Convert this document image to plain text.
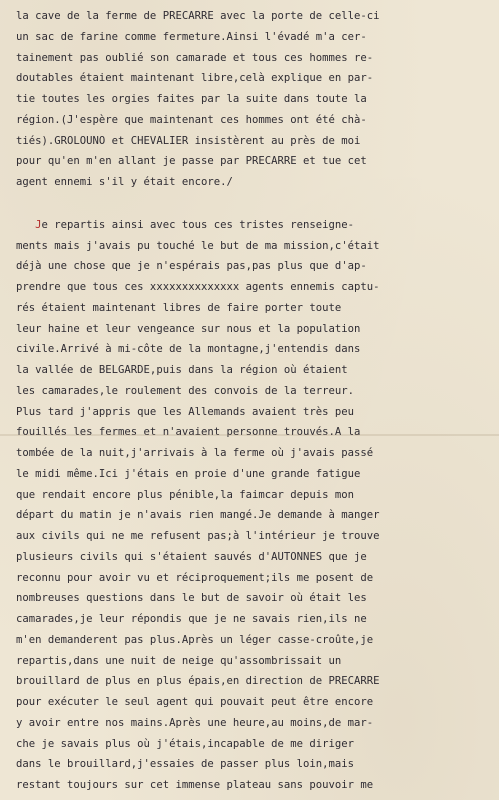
la cave de la ferme de PRECARRE avec la porte de celle-ci
un sac de farine comme fermeture.Ainsi l'évadé m'a cer-
tainement pas oublié son camarade et tous ces hommes re-
doutables étaient maintenant libre,celà explique en par-
tie toutes les orgies faites par la suite dans toute la
région.(J'espère que maintenant ces hommes ont été chà-
tiés).GROLOUNO et CHEVALIER insistèrent au près de moi
pour qu'en m'en allant je passe par PRECARRE et tue cet
agent ennemi s'il y était encore./
Je repartis ainsi avec tous ces tristes renseigne-
ments mais j'avais pu touché le but de ma mission,c'était
déjà une chose que je n'espérais pas,pas plus que d'ap-
prendre que tous ces xxxxxxxxxxxxxx agents ennemis captu-
rés étaient maintenant libres de faire porter toute
leur haine et leur vengeance sur nous et la population
civile.Arrivé à mi-côte de la montagne,j'entendis dans
la vallée de BELGARDE,puis dans la région où étaient
les camarades,le roulement des convois de la terreur.
Plus tard j'appris que les Allemands avaient très peu
fouillés les fermes et n'avaient personne trouvés.A la
tombée de la nuit,j'arrivais à la ferme où j'avais passé
le midi même.Ici j'étais en proie d'une grande fatigue
que rendait encore plus pénible,la faimcar depuis mon
départ du matin je n'avais rien mangé.Je demande à manger
aux civils qui ne me refusent pas;à l'intérieur je trouve
plusieurs civils qui s'étaient sauvés d'AUTONNES que je
reconnu pour avoir vu et réciproquement;ils me posent de
nombreuses questions dans le but de savoir où était les
camarades,je leur répondis que je ne savais rien,ils ne
m'en demanderent pas plus.Après un léger casse-croûte,je
repartis,dans une nuit de neige qu'assombrissait un
brouillard de plus en plus épais,en direction de PRECARRE
pour exécuter le seul agent qui pouvait peut être encore
y avoir entre nos mains.Après une heure,au moins,de mar-
che je savais plus où j'étais,incapable de me diriger
dans le brouillard,j'essaies de passer plus loin,mais
restant toujours sur cet immense plateau sans pouvoir me
